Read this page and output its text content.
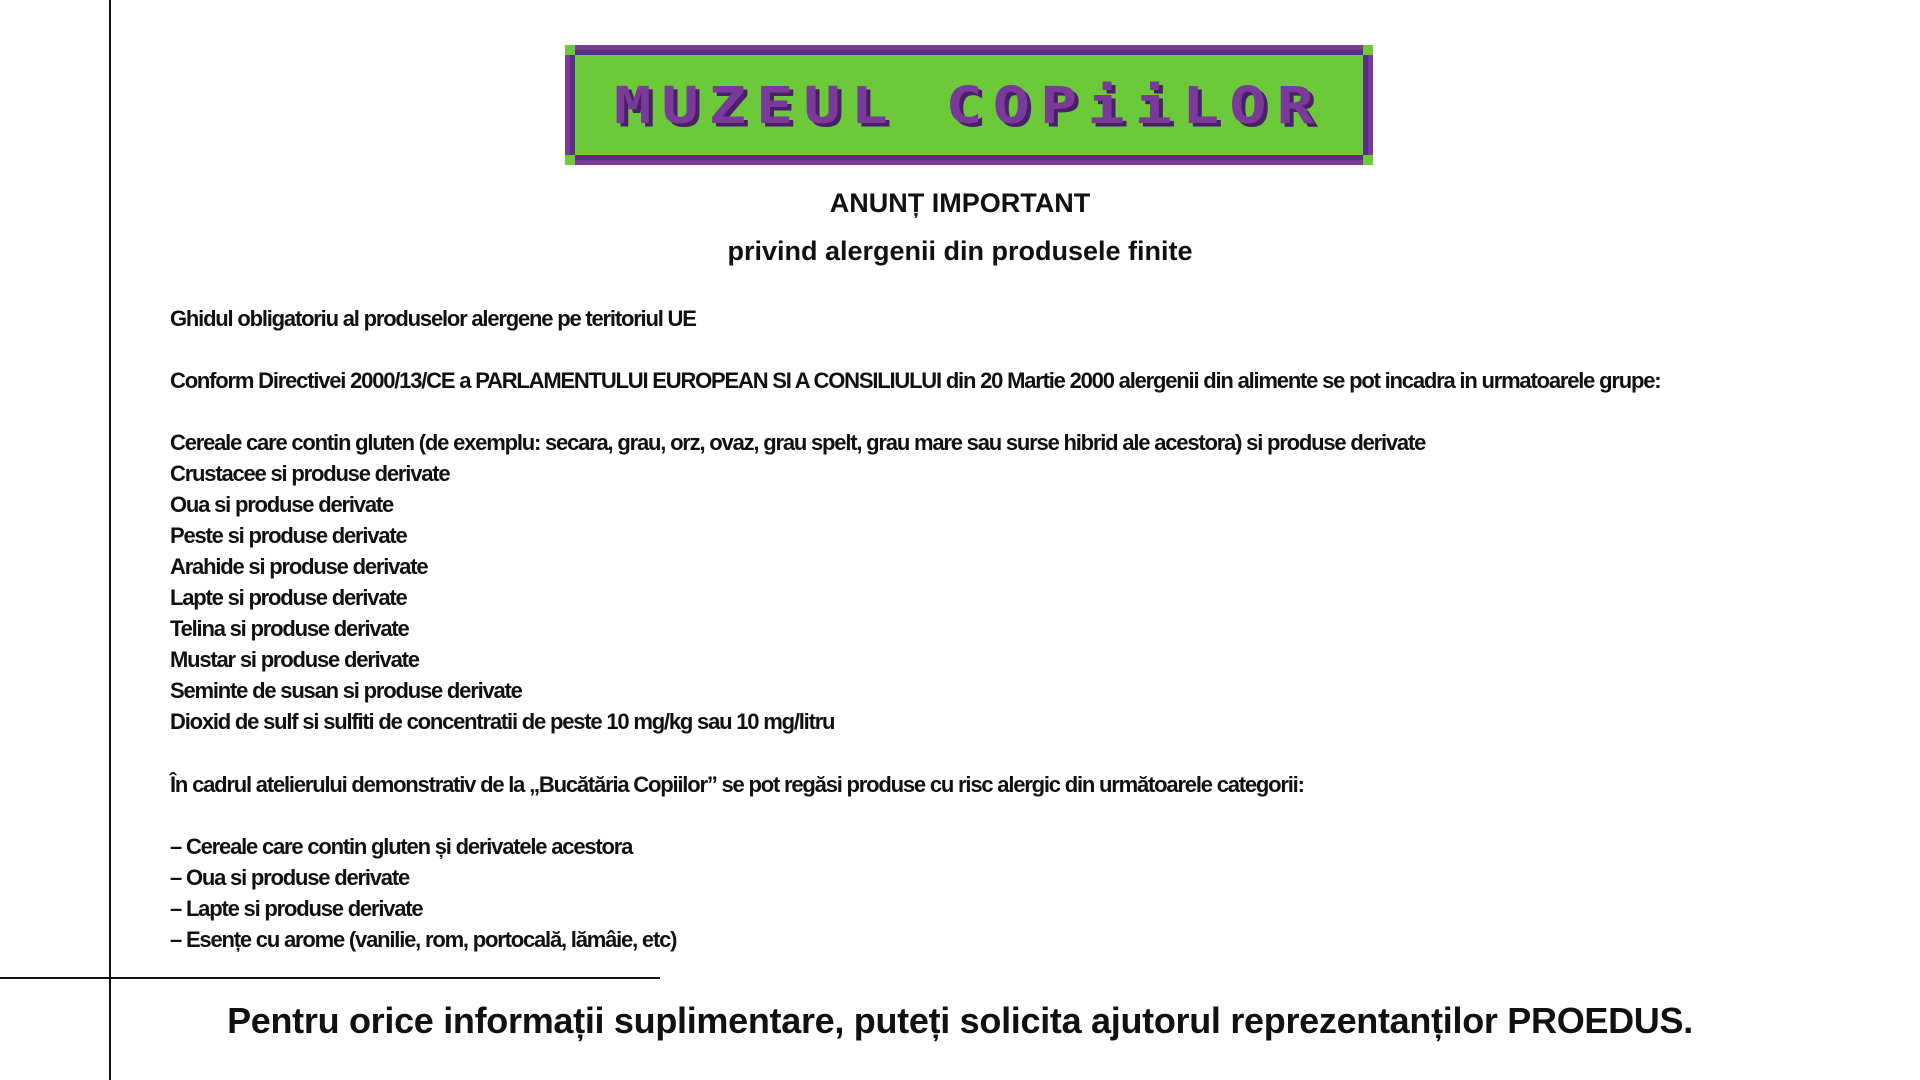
MUZEUL COPiiLOR
ANUNȚ IMPORTANT
privind alergenii din produsele finite
Ghidul obligatoriu al produselor alergene pe teritoriul UE
Conform Directivei 2000/13/CE a PARLAMENTULUI EUROPEAN SI A CONSILIULUI din 20 Martie 2000 alergenii din alimente se pot incadra in urmatoarele grupe:
Cereale care contin gluten (de exemplu: secara, grau, orz, ovaz, grau spelt, grau mare sau surse hibrid ale acestora) si produse derivate
Crustacee si produse derivate
Oua si produse derivate
Peste si produse derivate
Arahide si produse derivate
Lapte si produse derivate
Telina si produse derivate
Mustar si produse derivate
Seminte de susan si produse derivate
Dioxid de sulf si sulfiti de concentratii de peste 10 mg/kg sau 10 mg/litru
În cadrul atelierului demonstrativ de la „Bucătăria Copiilor” se pot regăsi produse cu risc alergic din următoarele categorii:
– Cereale care contin gluten și derivatele acestora
– Oua si produse derivate
– Lapte si produse derivate
– Esențe cu arome (vanilie, rom, portocală, lămâie, etc)
Pentru orice informații suplimentare, puteți solicita ajutorul reprezentanților PROEDUS.
